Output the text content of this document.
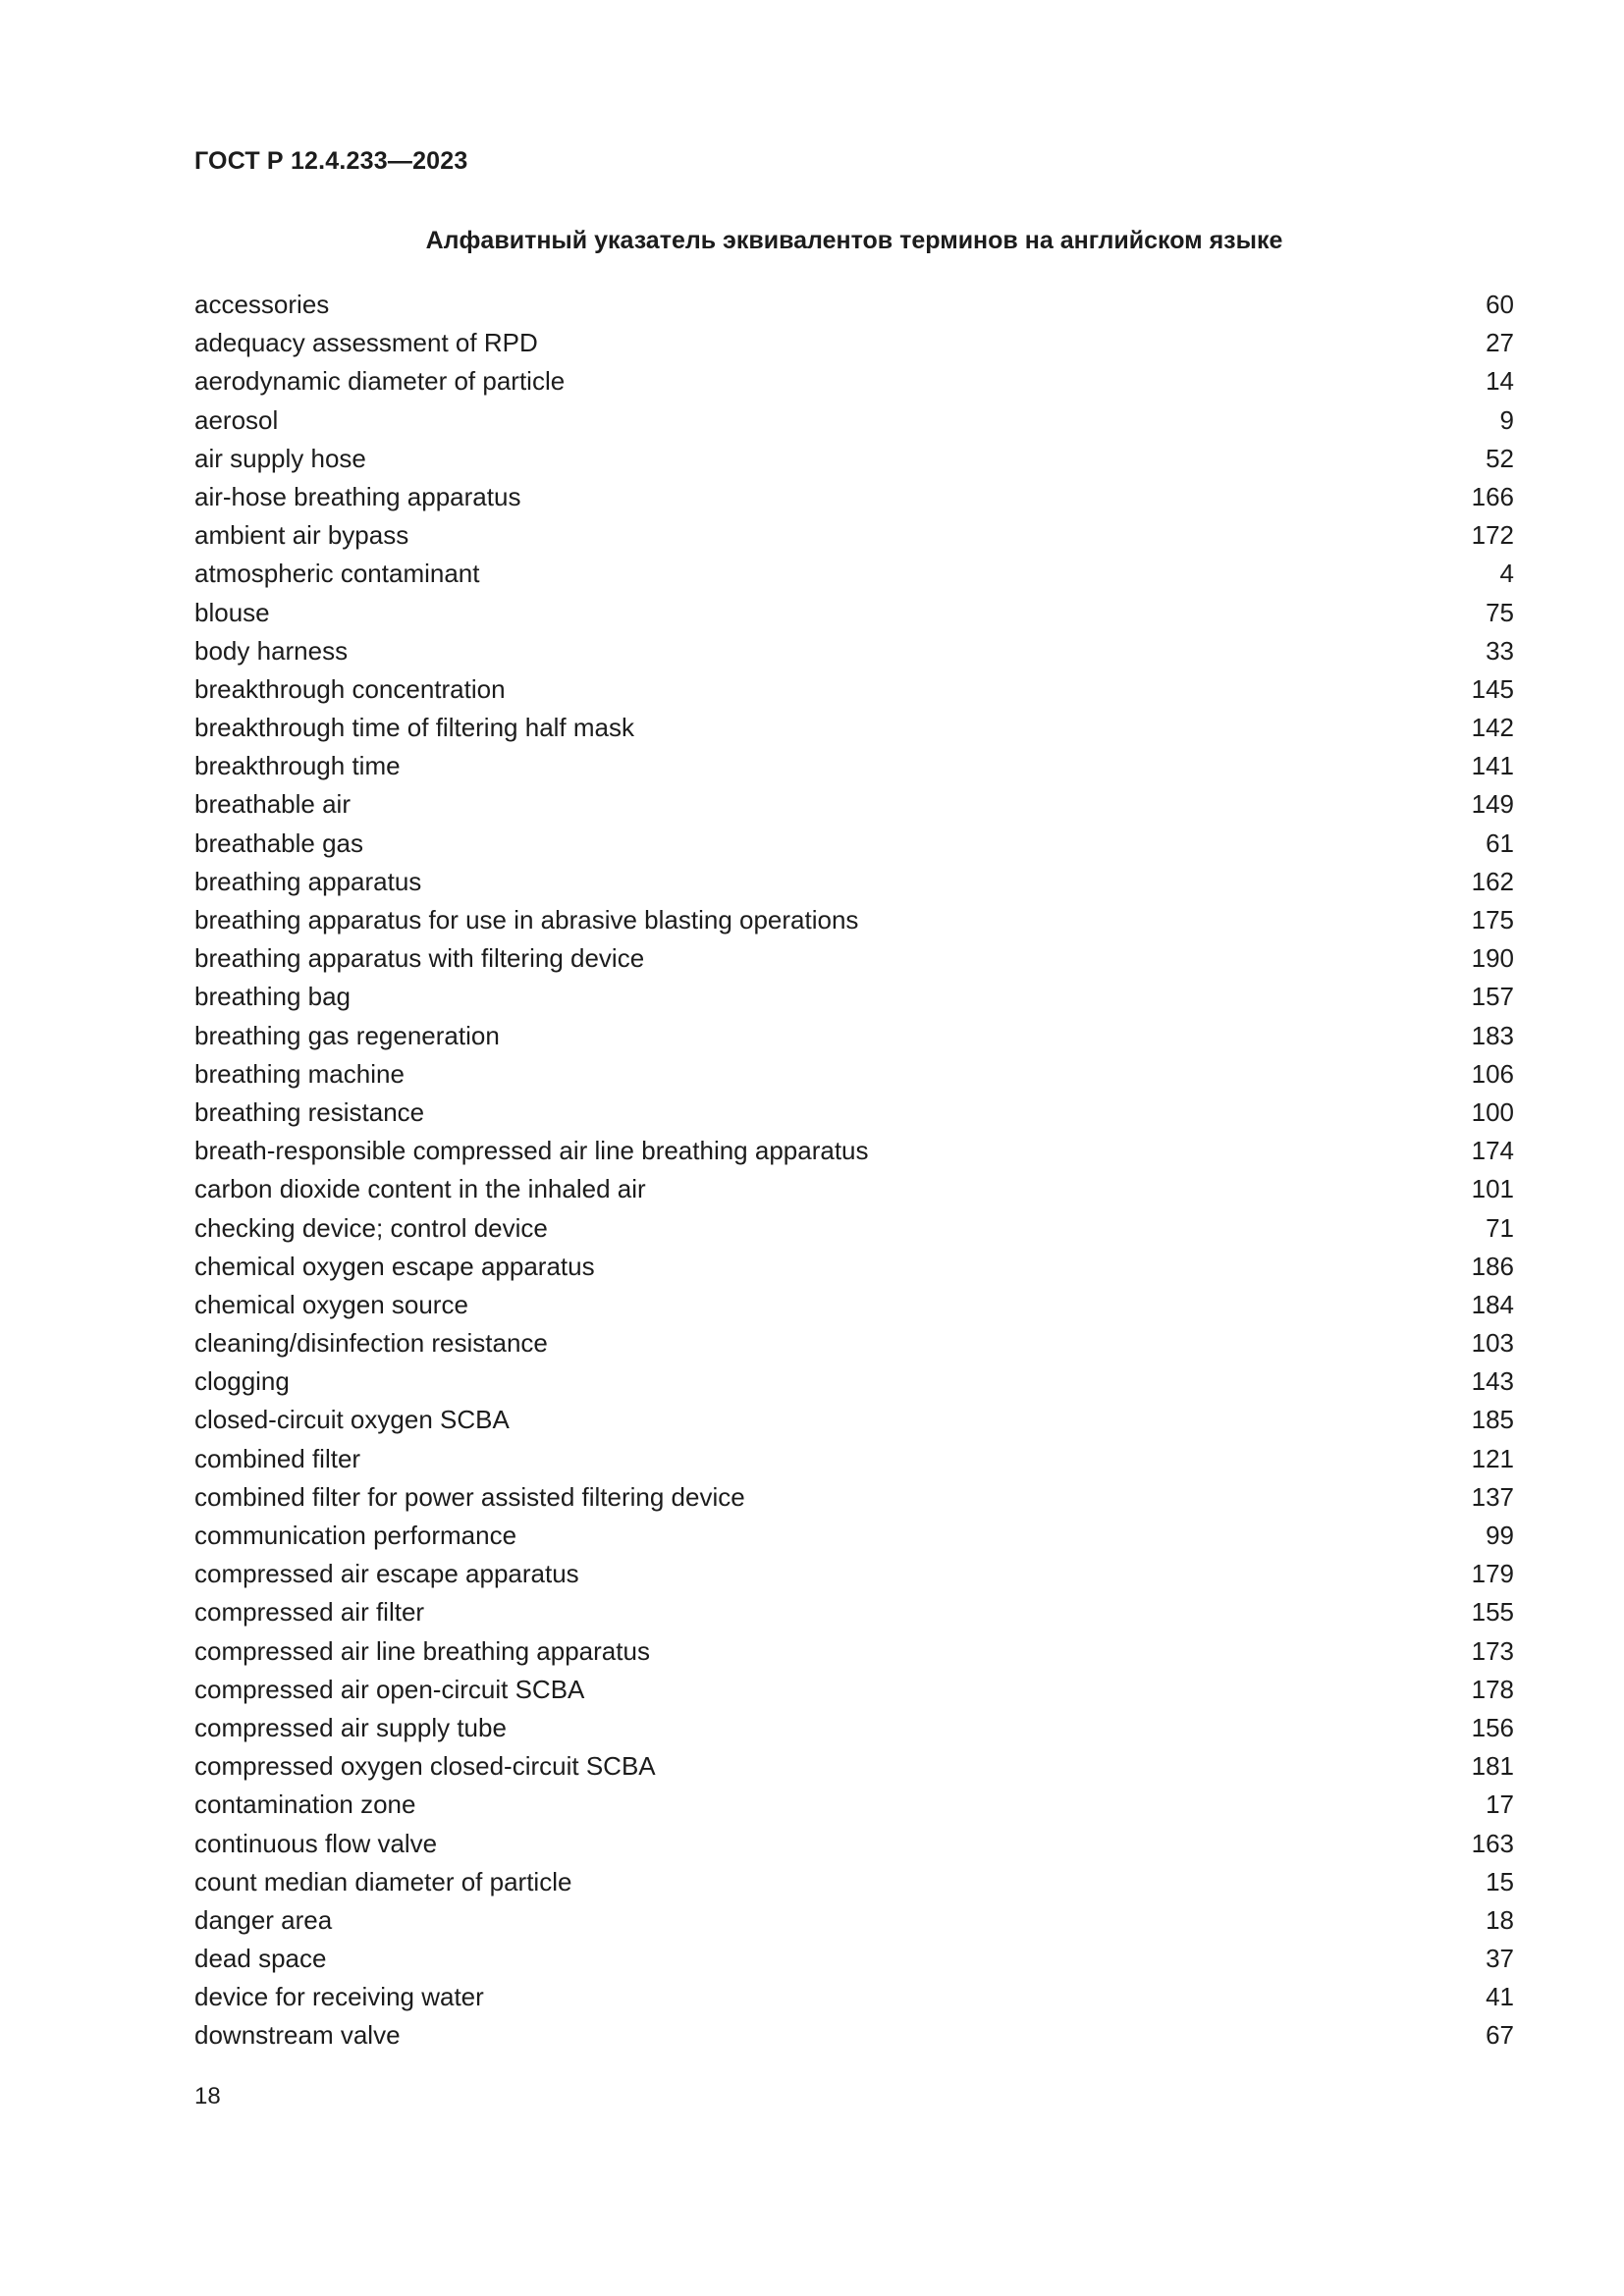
ГОСТ Р 12.4.233—2023
Алфавитный указатель эквивалентов терминов на английском языке
accessories	60
adequacy assessment of RPD	27
aerodynamic diameter of particle	14
aerosol	9
air supply hose	52
air-hose breathing apparatus	166
ambient air bypass	172
atmospheric contaminant	4
blouse	75
body harness	33
breakthrough concentration	145
breakthrough time of filtering half mask	142
breakthrough time	141
breathable air	149
breathable gas	61
breathing apparatus	162
breathing apparatus for use in abrasive blasting operations	175
breathing apparatus with filtering device	190
breathing bag	157
breathing gas regeneration	183
breathing machine	106
breathing resistance	100
breath-responsible compressed air line breathing apparatus	174
carbon dioxide content in the inhaled air	101
checking device; control device	71
chemical oxygen escape apparatus	186
chemical oxygen source	184
cleaning/disinfection resistance	103
clogging	143
closed-circuit oxygen SCBA	185
combined filter	121
combined filter for power assisted filtering device	137
communication performance	99
compressed air escape apparatus	179
compressed air filter	155
compressed air line breathing apparatus	173
compressed air open-circuit SCBA	178
compressed air supply tube	156
compressed oxygen closed-circuit SCBA	181
contamination zone	17
continuous flow valve	163
count median diameter of particle	15
danger area	18
dead space	37
device for receiving water	41
downstream valve	67
18
